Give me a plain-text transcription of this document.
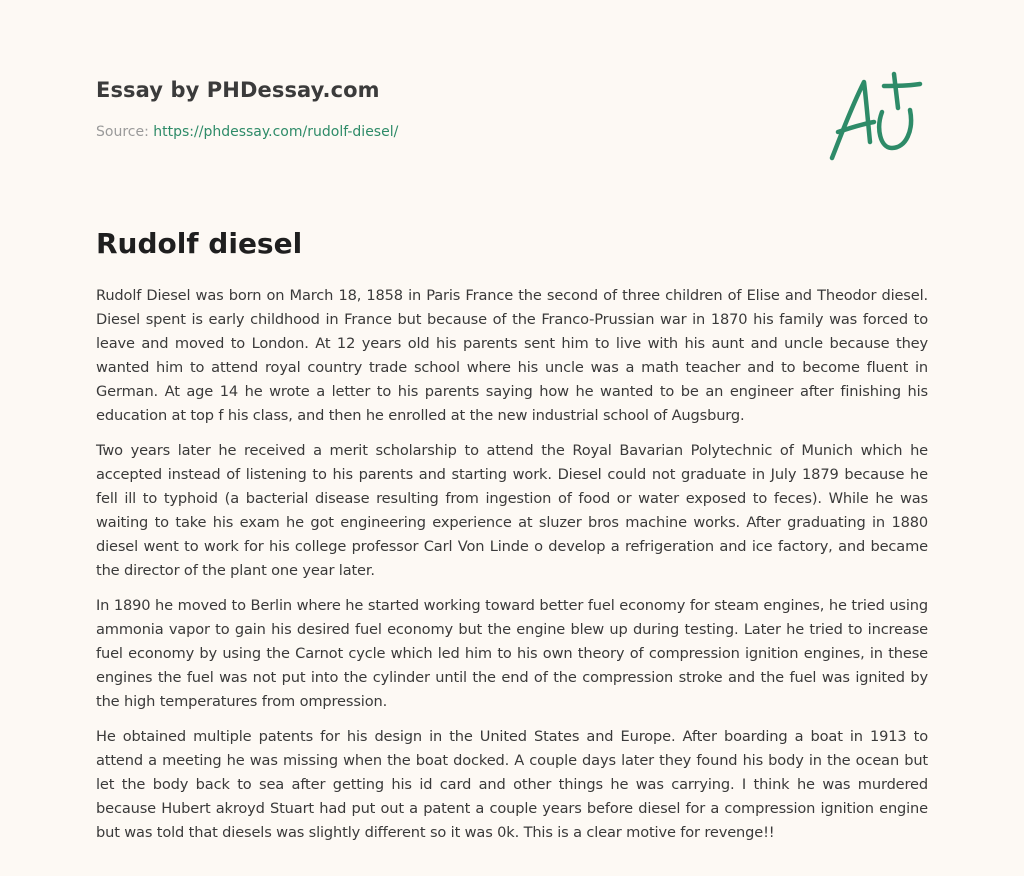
Essay by PHDessay.com
Source: https://phdessay.com/rudolf-diesel/
Rudolf diesel

Rudolf Diesel was born on March 18, 1858 in Paris France the second of three children of Elise and Theodor diesel. Diesel spent is early childhood in France but because of the Franco-Prussian war in 1870 his family was forced to leave and moved to London. At 12 years old his parents sent him to live with his aunt and uncle because they wanted him to attend royal country trade school where his uncle was a math teacher and to become fluent in German. At age 14 he wrote a letter to his parents saying how he wanted to be an engineer after finishing his education at top f his class, and then he enrolled at the new industrial school of Augsburg.

Two years later he received a merit scholarship to attend the Royal Bavarian Polytechnic of Munich which he accepted instead of listening to his parents and starting work. Diesel could not graduate in July 1879 because he fell ill to typhoid (a bacterial disease resulting from ingestion of food or water exposed to feces). While he was waiting to take his exam he got engineering experience at sluzer bros machine works. After graduating in 1880 diesel went to work for his college professor Carl Von Linde o develop a refrigeration and ice factory, and became the director of the plant one year later.

In 1890 he moved to Berlin where he started working toward better fuel economy for steam engines, he tried using ammonia vapor to gain his desired fuel economy but the engine blew up during testing. Later he tried to increase fuel economy by using the Carnot cycle which led him to his own theory of compression ignition engines, in these engines the fuel was not put into the cylinder until the end of the compression stroke and the fuel was ignited by the high temperatures from ompression.

He obtained multiple patents for his design in the United States and Europe. After boarding a boat in 1913 to attend a meeting he was missing when the boat docked. A couple days later they found his body in the ocean but let the body back to sea after getting his id card and other things he was carrying. I think he was murdered because Hubert akroyd Stuart had put out a patent a couple years before diesel for a compression ignition engine but was told that diesels was slightly different so it was 0k. This is a clear motive for revenge!!
